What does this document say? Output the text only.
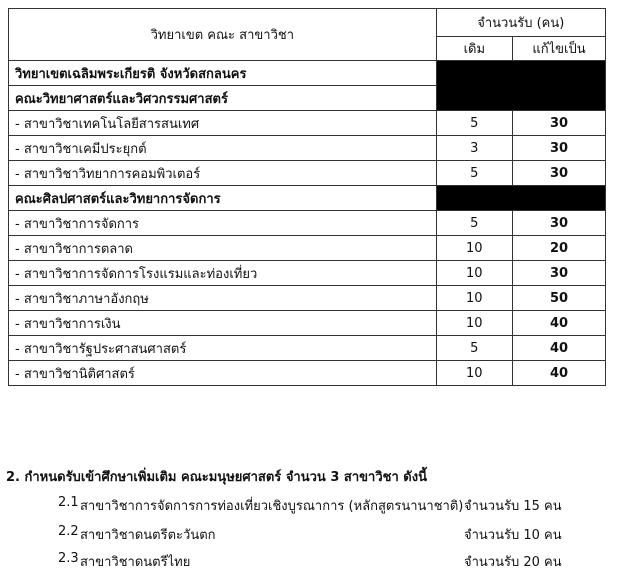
วิทยาเขต คณะ สาขาวิชา	จำนวนรับ (คน)	
	เดิม	แก้ไขเป็น
วิทยาเขตเฉลิมพระเกียรติ จังหวัดสกลนคร		
คณะวิทยาศาสตร์และวิศวกรรมศาสตร์		
- สาขาวิชาเทคโนโลยีสารสนเทศ	5	30
- สาขาวิชาเคมีประยุกต์	3	30
- สาขาวิชาวิทยาการคอมพิวเตอร์	5	30
คณะศิลปศาสตร์และวิทยาการจัดการ		
- สาขาวิชาการจัดการ	5	30
- สาขาวิชาการตลาด	10	20
- สาขาวิชาการจัดการโรงแรมและท่องเที่ยว	10	30
- สาขาวิชาภาษาอังกฤษ	10	50
- สาขาวิชาการเงิน	10	40
- สาขาวิชารัฐประศาสนศาสตร์	5	40
- สาขาวิชานิติศาสตร์	10	40
2. กำหนดรับเข้าศึกษาเพิ่มเติม คณะมนุษยศาสตร์ จำนวน 3 สาขาวิชา ดังนี้
2.1 สาขาวิชาการจัดการการท่องเที่ยวเชิงบูรณาการ (หลักสูตรนานาชาติ) จำนวนรับ 15 คน
2.2 สาขาวิชาดนตรีตะวันตก	จำนวนรับ 10 คน
2.3 สาขาวิชาดนตรีไทย	จำนวนรับ 20 คน
